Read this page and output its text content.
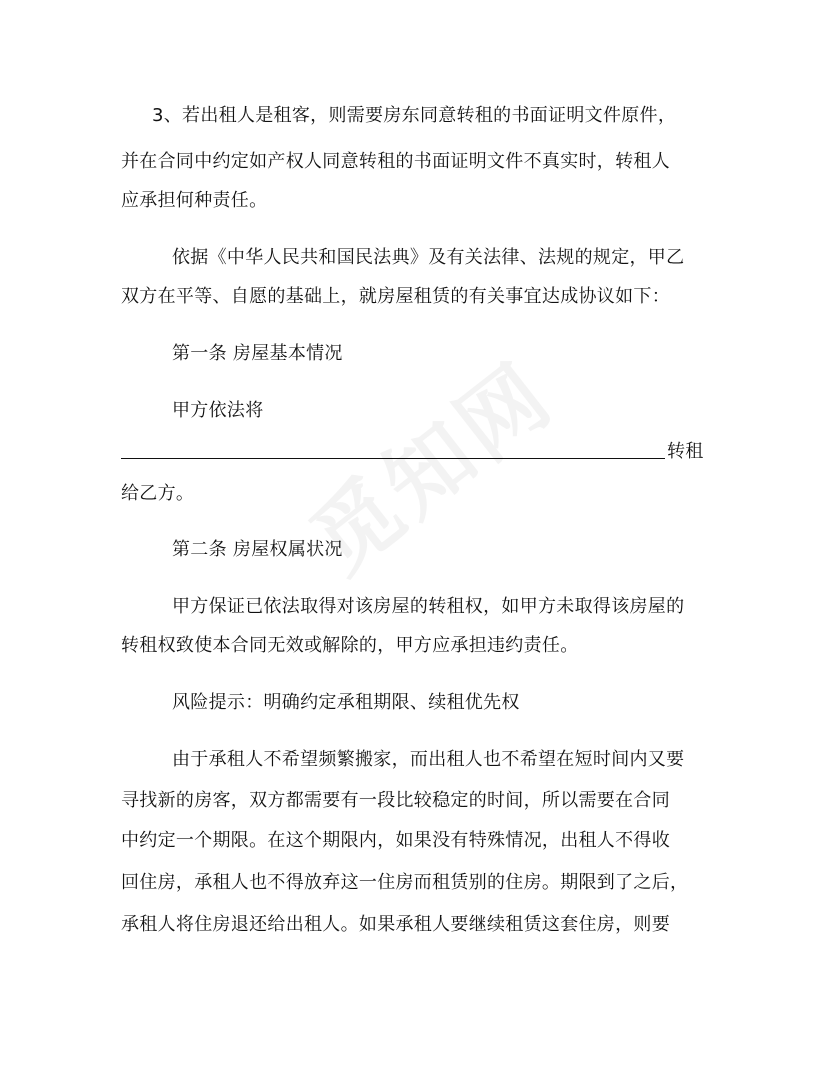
觅知网
3、若出租人是租客，则需要房东同意转租的书面证明文件原件，
并在合同中约定如产权人同意转租的书面证明文件不真实时，转租人
应承担何种责任。
依据《中华人民共和国民法典》及有关法律、法规的规定，甲乙
双方在平等、自愿的基础上，就房屋租赁的有关事宜达成协议如下：
第一条 房屋基本情况
甲方依法将
转租
给乙方。
第二条 房屋权属状况
甲方保证已依法取得对该房屋的转租权，如甲方未取得该房屋的
转租权致使本合同无效或解除的，甲方应承担违约责任。
风险提示：明确约定承租期限、续租优先权
由于承租人不希望频繁搬家，而出租人也不希望在短时间内又要
寻找新的房客，双方都需要有一段比较稳定的时间，所以需要在合同
中约定一个期限。在这个期限内，如果没有特殊情况，出租人不得收
回住房，承租人也不得放弃这一住房而租赁别的住房。期限到了之后，
承租人将住房退还给出租人。如果承租人要继续租赁这套住房，则要
